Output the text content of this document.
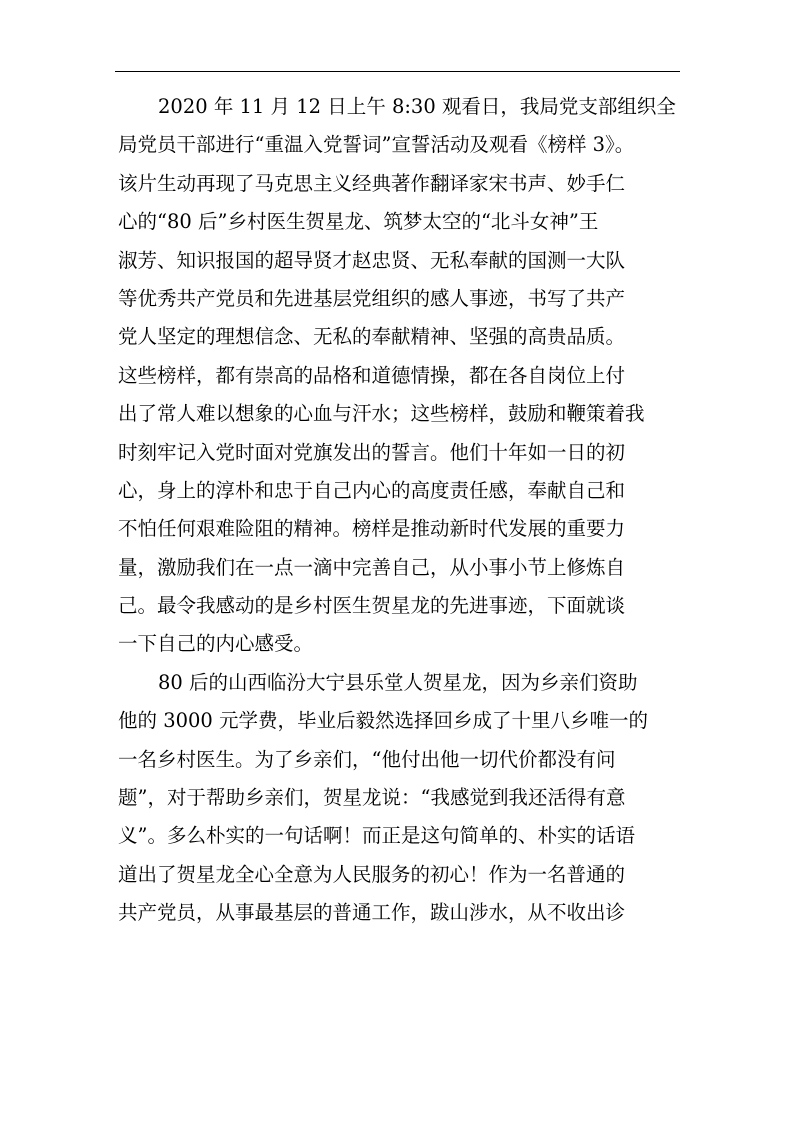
2020 年 11 月 12 日上午 8:30 观看日，我局党支部组织全
局党员干部进行“重温入党誓词”宣誓活动及观看《榜样 3》。
该片生动再现了马克思主义经典著作翻译家宋书声、妙手仁
心的“80 后”乡村医生贺星龙、筑梦太空的“北斗女神”王
淑芳、知识报国的超导贤才赵忠贤、无私奉献的国测一大队
等优秀共产党员和先进基层党组织的感人事迹，书写了共产
党人坚定的理想信念、无私的奉献精神、坚强的高贵品质。
这些榜样，都有崇高的品格和道德情操，都在各自岗位上付
出了常人难以想象的心血与汗水；这些榜样，鼓励和鞭策着我
时刻牢记入党时面对党旗发出的誓言。他们十年如一日的初
心，身上的淳朴和忠于自己内心的高度责任感，奉献自己和
不怕任何艰难险阻的精神。榜样是推动新时代发展的重要力
量，激励我们在一点一滴中完善自己，从小事小节上修炼自
己。最令我感动的是乡村医生贺星龙的先进事迹，下面就谈
一下自己的内心感受。
80 后的山西临汾大宁县乐堂人贺星龙，因为乡亲们资助
他的 3000 元学费，毕业后毅然选择回乡成了十里八乡唯一的
一名乡村医生。为了乡亲们，“他付出他一切代价都没有问
题”，对于帮助乡亲们，贺星龙说：“我感觉到我还活得有意
义”。多么朴实的一句话啊！而正是这句简单的、朴实的话语
道出了贺星龙全心全意为人民服务的初心！作为一名普通的
共产党员，从事最基层的普通工作，跋山涉水，从不收出诊
